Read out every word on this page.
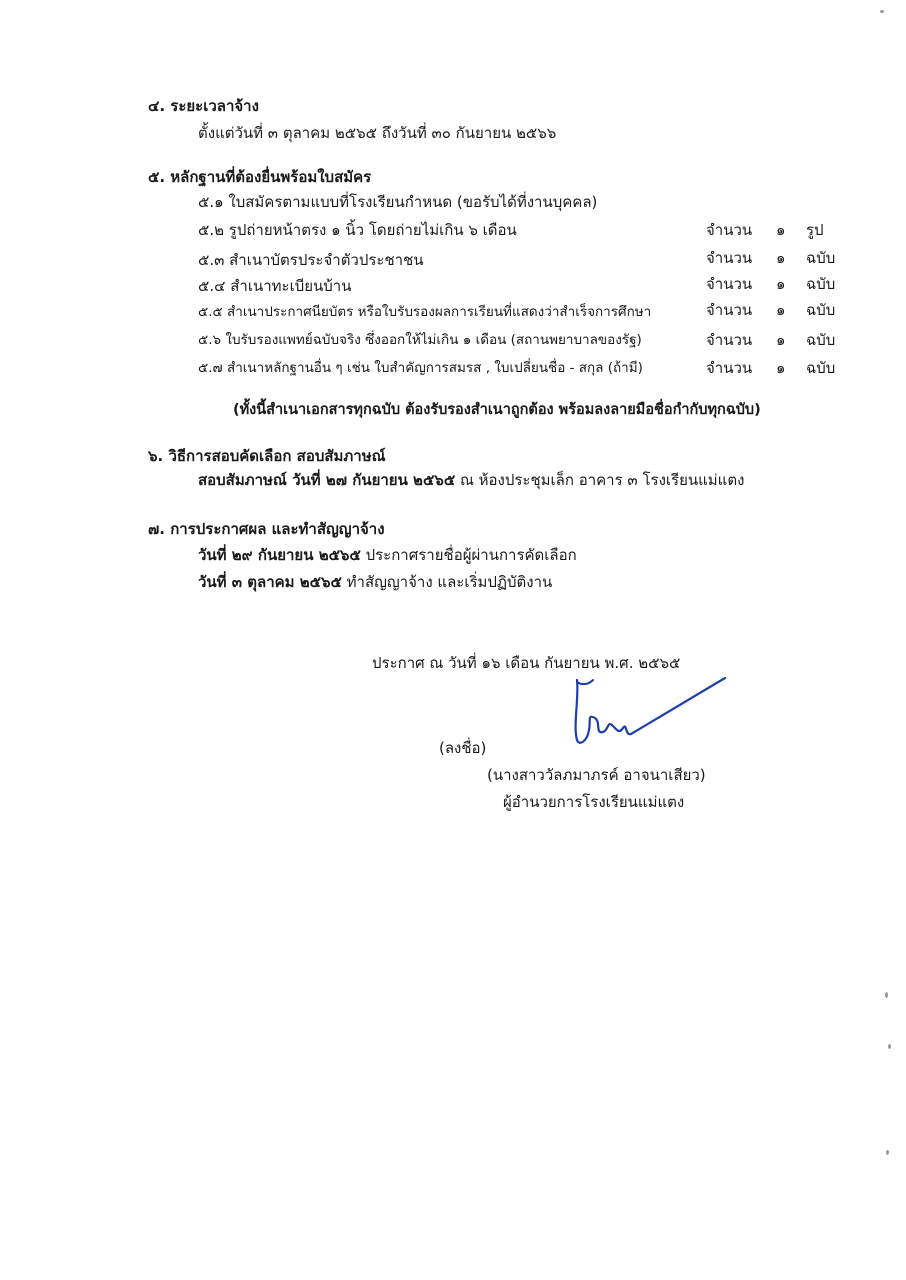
๔. ระยะเวลาจ้าง
ตั้งแต่วันที่ ๓ ตุลาคม ๒๕๖๕ ถึงวันที่ ๓๐ กันยายน ๒๕๖๖
๕. หลักฐานที่ต้องยื่นพร้อมใบสมัคร
๕.๑ ใบสมัครตามแบบที่โรงเรียนกำหนด (ขอรับได้ที่งานบุคคล)
๕.๒ รูปถ่ายหน้าตรง ๑ นิ้ว โดยถ่ายไม่เกิน ๖ เดือน	จำนวน ๑ รูป
๕.๓ สำเนาบัตรประจำตัวประชาชน	จำนวน ๑ ฉบับ
๕.๔ สำเนาทะเบียนบ้าน	จำนวน ๑ ฉบับ
๕.๕ สำเนาประกาศนียบัตร หรือใบรับรองผลการเรียนที่แสดงว่าสำเร็จการศึกษา	จำนวน ๑ ฉบับ
๕.๖ ใบรับรองแพทย์ฉบับจริง ซึ่งออกให้ไม่เกิน ๑ เดือน (สถานพยาบาลของรัฐ)	จำนวน ๑ ฉบับ
๕.๗ สำเนาหลักฐานอื่น ๆ เช่น ใบสำคัญการสมรส , ใบเปลี่ยนชื่อ - สกุล (ถ้ามี)	จำนวน ๑ ฉบับ
(ทั้งนี้สำเนาเอกสารทุกฉบับ ต้องรับรองสำเนาถูกต้อง พร้อมลงลายมือชื่อกำกับทุกฉบับ)
๖. วิธีการสอบคัดเลือก สอบสัมภาษณ์
สอบสัมภาษณ์ วันที่ ๒๗ กันยายน ๒๕๖๕ ณ ห้องประชุมเล็ก อาคาร ๓ โรงเรียนแม่แตง
๗. การประกาศผล และทำสัญญาจ้าง
วันที่ ๒๙ กันยายน ๒๕๖๕ ประกาศรายชื่อผู้ผ่านการคัดเลือก
วันที่ ๓ ตุลาคม ๒๕๖๕ ทำสัญญาจ้าง และเริ่มปฏิบัติงาน
ประกาศ ณ วันที่ ๑๖ เดือน กันยายน พ.ศ. ๒๕๖๕
(ลงชื่อ)
(นางสาววัลภมาภรค์ อาจนาเสียว)
ผู้อำนวยการโรงเรียนแม่แตง
